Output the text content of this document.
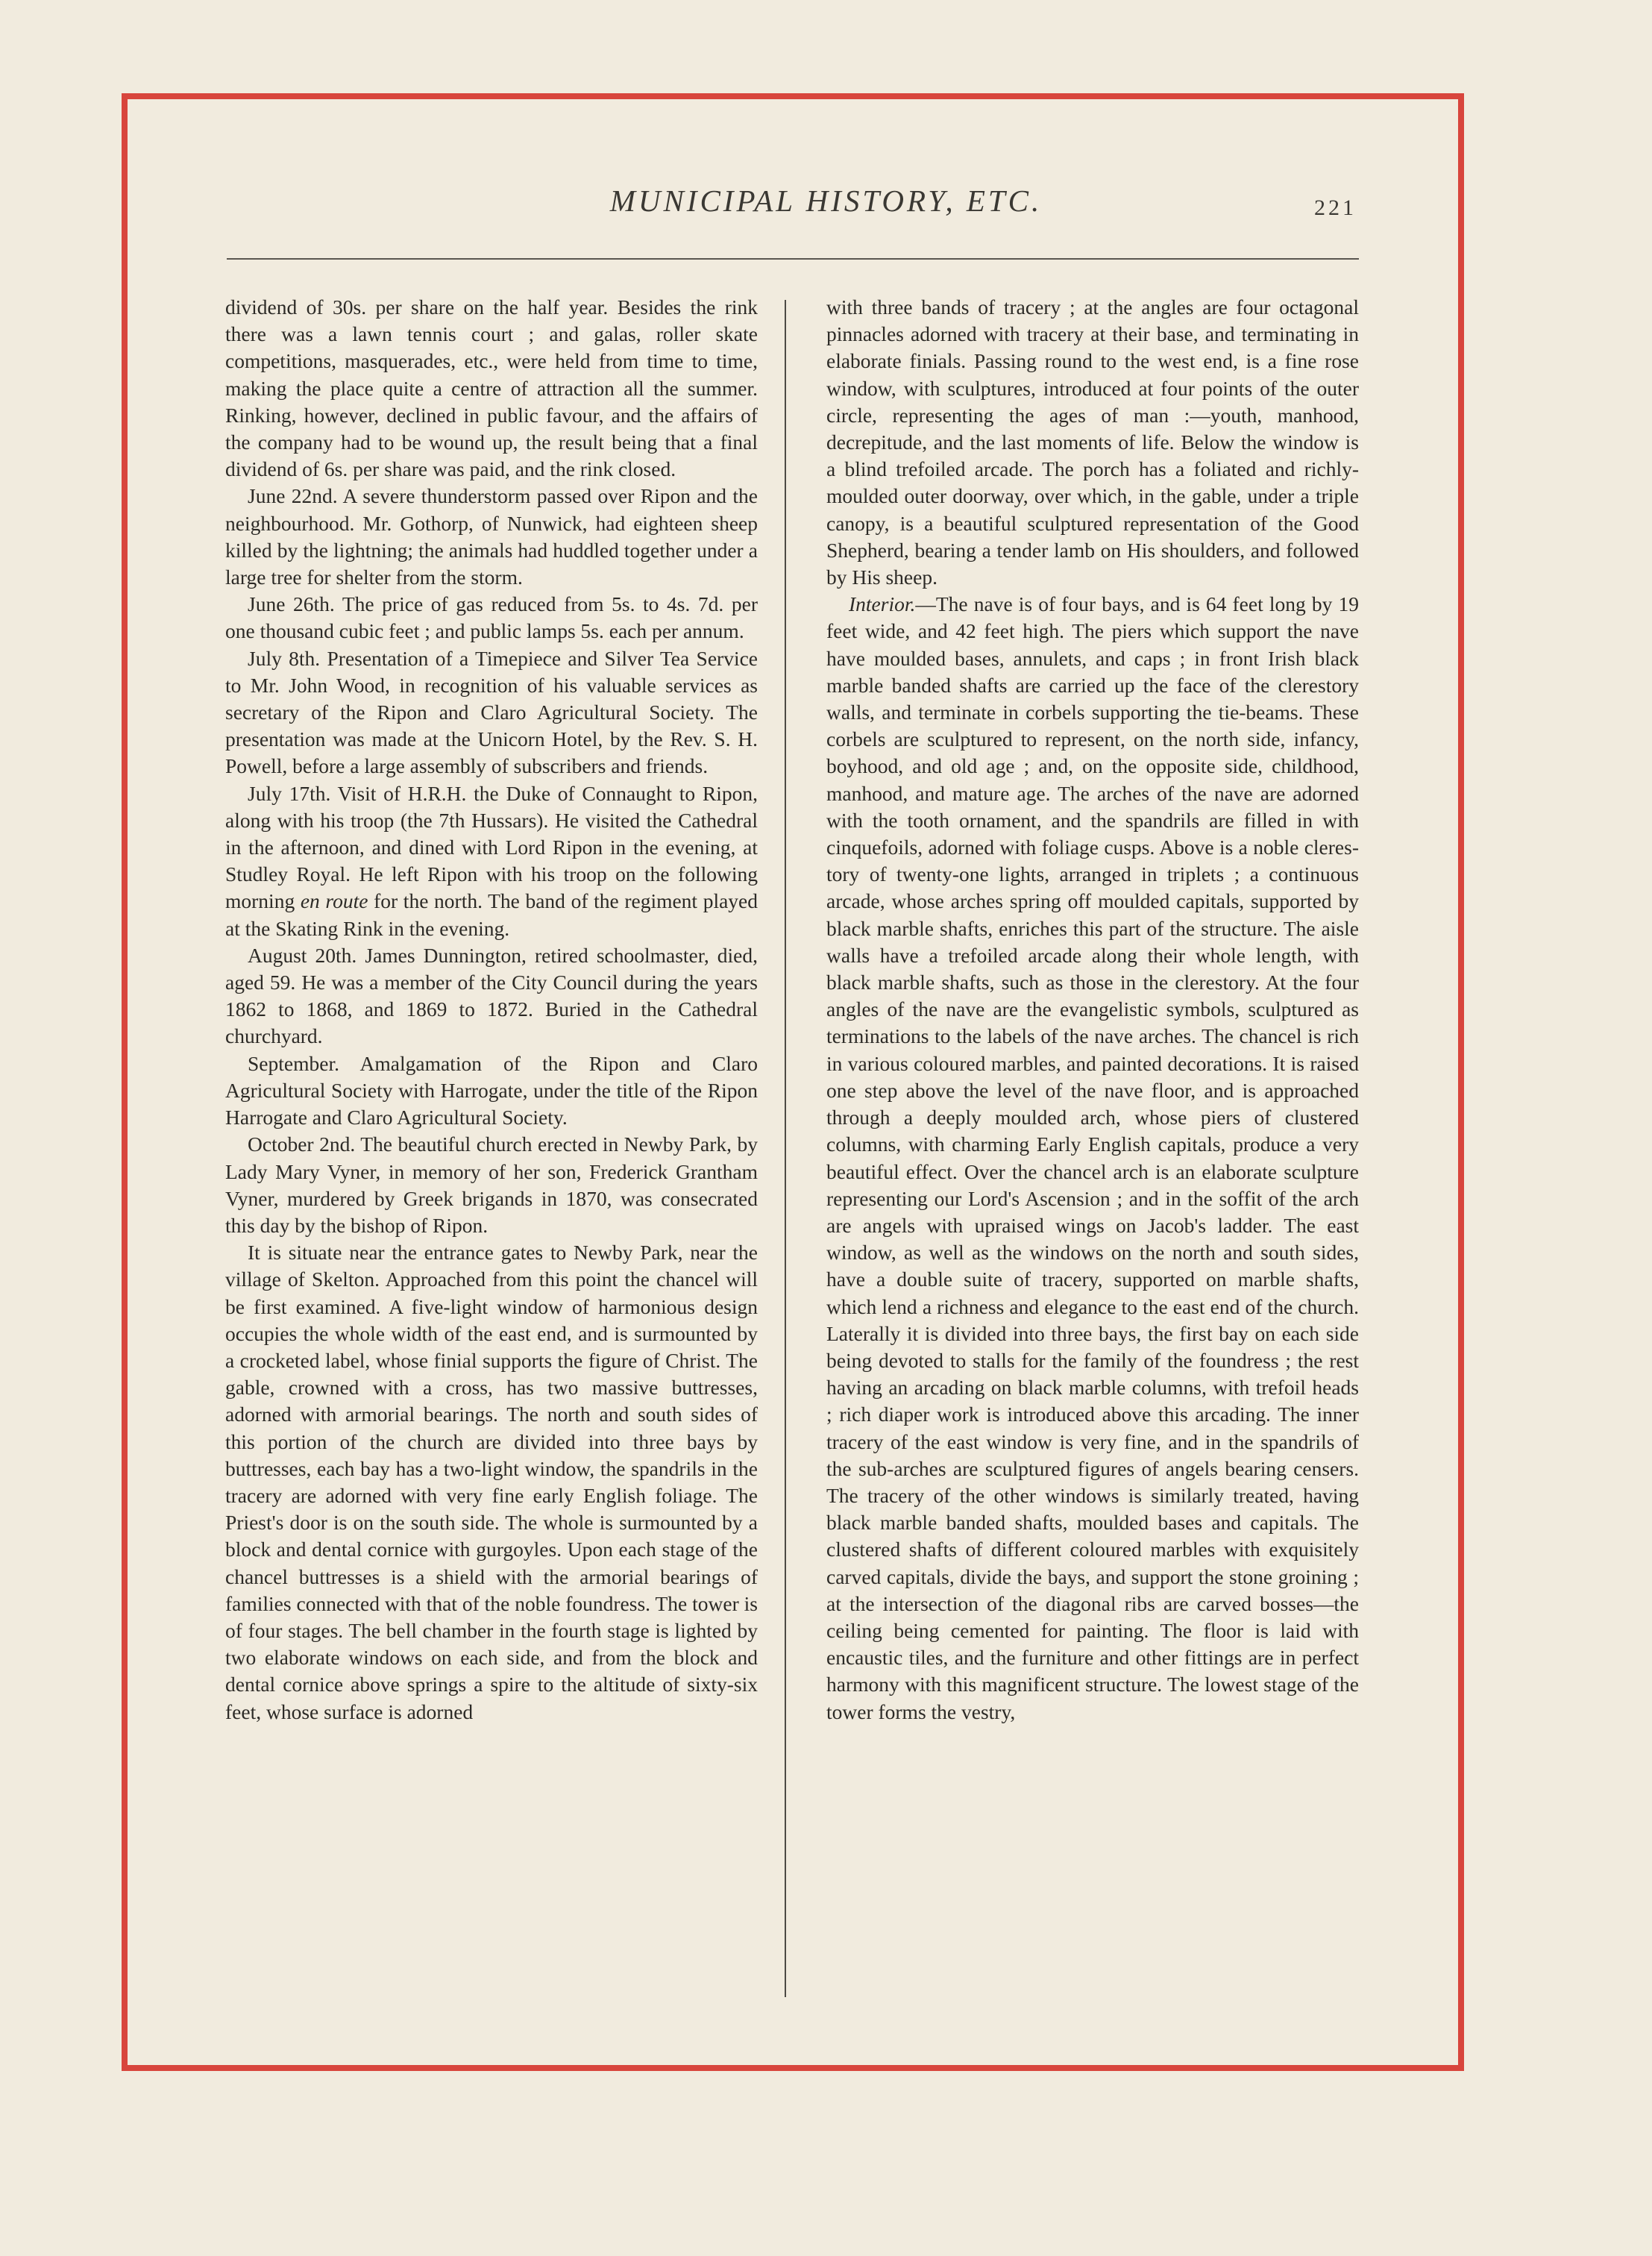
MUNICIPAL HISTORY, ETC.	221

dividend of 30s. per share on the half year. Besides the rink there was a lawn tennis court ; and galas, roller skate competitions, masquerades, etc., were held from time to time, making the place quite a centre of attraction all the summer. Rinking, however, declined in public favour, and the affairs of the company had to be wound up, the result being that a final dividend of 6s. per share was paid, and the rink closed.

June 22nd. A severe thunderstorm passed over Ripon and the neighbourhood. Mr. Gothorp, of Nunwick, had eighteen sheep killed by the lightning; the animals had huddled together under a large tree for shelter from the storm.

June 26th. The price of gas reduced from 5s. to 4s. 7d. per one thousand cubic feet ; and public lamps 5s. each per annum.

July 8th. Presentation of a Timepiece and Silver Tea Service to Mr. John Wood, in recognition of his valuable services as secretary of the Ripon and Claro Agricultural Society. The presentation was made at the Unicorn Hotel, by the Rev. S. H. Powell, before a large assembly of subscribers and friends.

July 17th. Visit of H.R.H. the Duke of Connaught to Ripon, along with his troop (the 7th Hussars). He visited the Cathedral in the afternoon, and dined with Lord Ripon in the evening, at Studley Royal. He left Ripon with his troop on the following morning en route for the north. The band of the regiment played at the Skating Rink in the evening.

August 20th. James Dunnington, retired schoolmaster, died, aged 59. He was a member of the City Council during the years 1862 to 1868, and 1869 to 1872. Buried in the Cathedral churchyard.

September. Amalgamation of the Ripon and Claro Agricultural Society with Harrogate, under the title of the Ripon Harrogate and Claro Agricultural Society.

October 2nd. The beautiful church erected in Newby Park, by Lady Mary Vyner, in memory of her son, Frederick Grantham Vyner, murdered by Greek brigands in 1870, was consecrated this day by the bishop of Ripon.

It is situate near the entrance gates to Newby Park, near the village of Skelton. Approached from this point the chancel will be first examined. A five-light window of harmonious design occupies the whole width of the east end, and is surmounted by a crocketed label, whose finial supports the figure of Christ. The gable, crowned with a cross, has two massive buttresses, adorned with armorial bearings. The north and south sides of this portion of the church are divided into three bays by buttresses, each bay has a two-light window, the spandrils in the tracery are adorned with very fine early English foliage. The Priest's door is on the south side. The whole is surmounted by a block and dental cornice with gurgoyles. Upon each stage of the chancel buttresses is a shield with the armorial bearings of families connected with that of the noble foundress. The tower is of four stages. The bell chamber in the fourth stage is lighted by two elaborate windows on each side, and from the block and dental cornice above springs a spire to the altitude of sixty-six feet, whose surface is adorned

with three bands of tracery ; at the angles are four octagonal pinnacles adorned with tracery at their base, and terminating in elaborate finials. Passing round to the west end, is a fine rose window, with sculptures, introduced at four points of the outer circle, representing the ages of man :—youth, manhood, decrepitude, and the last moments of life. Below the window is a blind trefoiled arcade. The porch has a foliated and richly-moulded outer doorway, over which, in the gable, under a triple canopy, is a beautiful sculptured representation of the Good Shepherd, bearing a tender lamb on His shoulders, and followed by His sheep.

Interior.—The nave is of four bays, and is 64 feet long by 19 feet wide, and 42 feet high. The piers which support the nave have moulded bases, annulets, and caps ; in front Irish black marble banded shafts are carried up the face of the clerestory walls, and terminate in corbels supporting the tie-beams. These corbels are sculptured to represent, on the north side, infancy, boyhood, and old age ; and, on the opposite side, childhood, manhood, and mature age. The arches of the nave are adorned with the tooth ornament, and the spandrils are filled in with cinquefoils, adorned with foliage cusps. Above is a noble clerestory of twenty-one lights, arranged in triplets ; a continuous arcade, whose arches spring off moulded capitals, supported by black marble shafts, enriches this part of the structure. The aisle walls have a trefoiled arcade along their whole length, with black marble shafts, such as those in the clerestory. At the four angles of the nave are the evangelistic symbols, sculptured as terminations to the labels of the nave arches. The chancel is rich in various coloured marbles, and painted decorations. It is raised one step above the level of the nave floor, and is approached through a deeply moulded arch, whose piers of clustered columns, with charming Early English capitals, produce a very beautiful effect. Over the chancel arch is an elaborate sculpture representing our Lord's Ascension ; and in the soffit of the arch are angels with upraised wings on Jacob's ladder. The east window, as well as the windows on the north and south sides, have a double suite of tracery, supported on marble shafts, which lend a richness and elegance to the east end of the church. Laterally it is divided into three bays, the first bay on each side being devoted to stalls for the family of the foundress ; the rest having an arcading on black marble columns, with trefoil heads ; rich diaper work is introduced above this arcading. The inner tracery of the east window is very fine, and in the spandrils of the sub-arches are sculptured figures of angels bearing censers. The tracery of the other windows is similarly treated, having black marble banded shafts, moulded bases and capitals. The clustered shafts of different coloured marbles with exquisitely carved capitals, divide the bays, and support the stone groining ; at the intersection of the diagonal ribs are carved bosses—the ceiling being cemented for painting. The floor is laid with encaustic tiles, and the furniture and other fittings are in perfect harmony with this magnificent structure. The lowest stage of the tower forms the vestry,
